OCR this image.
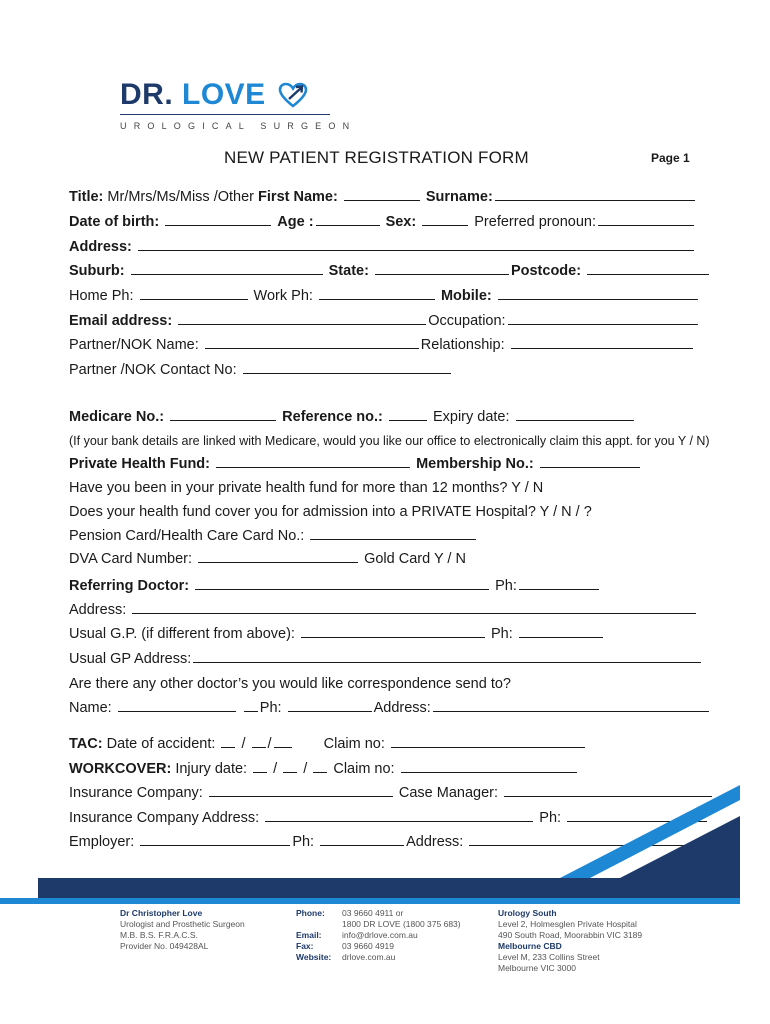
DR. LOVE
UROLOGICAL SURGEON
NEW PATIENT REGISTRATION FORM	Page 1
Title: Mr/Mrs/Ms/Miss /Other First Name:	Surname:
Date of birth:	Age :	Sex:	Preferred pronoun:
Address:
Suburb:	State:	Postcode:
Home Ph:	Work Ph:	Mobile:
Email address:	Occupation:
Partner/NOK Name:	Relationship:
Partner /NOK Contact No:
Medicare No.:	Reference no.:	Expiry date:
(If your bank details are linked with Medicare, would you like our office to electronically claim this appt. for you Y / N)
Private Health Fund:	Membership No.:
Have you been in your private health fund for more than 12 months? Y / N
Does your health fund cover you for admission into a PRIVATE Hospital? Y / N / ?
Pension Card/Health Care Card No.:
DVA Card Number:	Gold Card Y / N
Referring Doctor:	Ph:
Address:
Usual G.P. (if different from above):	Ph:
Usual GP Address:
Are there any other doctor’s you would like correspondence send to?
Name:	Ph:	Address:
TAC: Date of accident: / /	Claim no:
WORKCOVER: Injury date: / / Claim no:
Insurance Company:	Case Manager:
Insurance Company Address:	Ph:
Employer:	Ph:	Address:
Dr Christopher Love
Urologist and Prosthetic Surgeon
M.B. B.S. F.R.A.C.S.
Provider No. 049428AL
Phone: 03 9660 4911 or
1800 DR LOVE (1800 375 683)
Email: info@drlove.com.au
Fax:	03 9660 4919
Website: drlove.com.au
Urology South
Level 2, Holmesglen Private Hospital
490 South Road, Moorabbin VIC 3189
Melbourne CBD
Level M, 233 Collins Street
Melbourne VIC 3000
